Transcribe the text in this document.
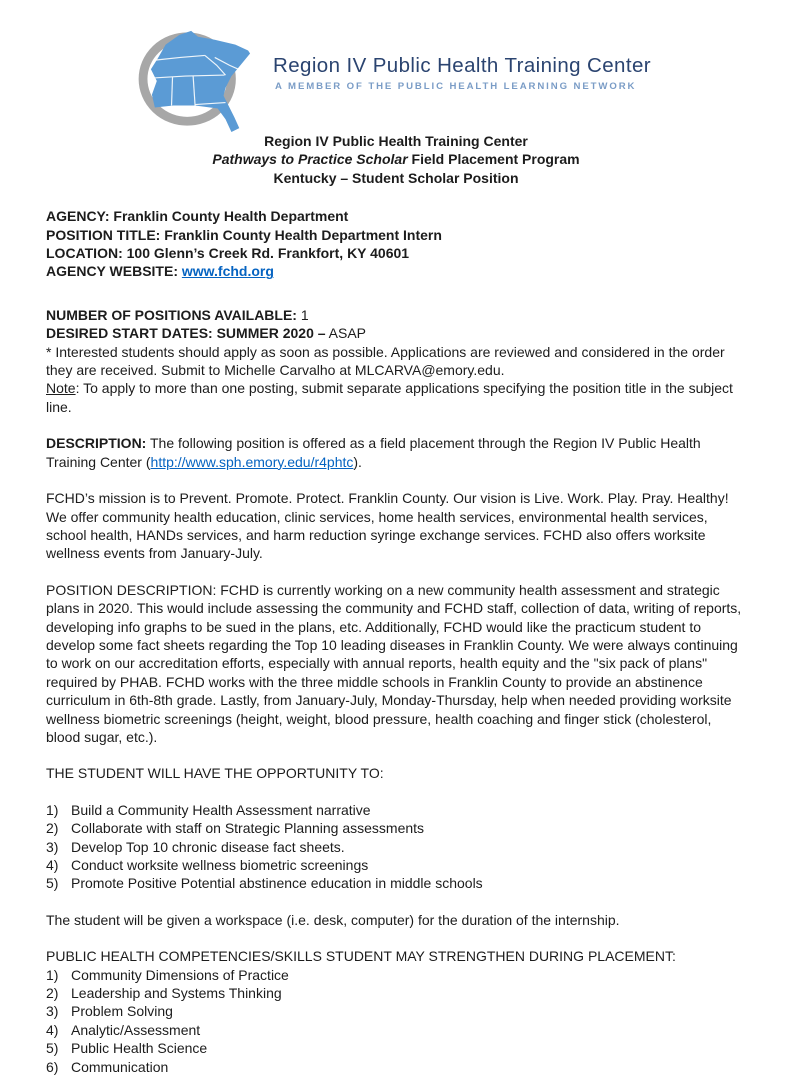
Region IV Public Health Training Center
A MEMBER OF THE PUBLIC HEALTH LEARNING NETWORK
Region IV Public Health Training Center
Pathways to Practice Scholar Field Placement Program
Kentucky – Student Scholar Position
AGENCY: Franklin County Health Department
POSITION TITLE: Franklin County Health Department Intern
LOCATION: 100 Glenn’s Creek Rd. Frankfort, KY 40601
AGENCY WEBSITE: www.fchd.org
NUMBER OF POSITIONS AVAILABLE: 1
DESIRED START DATES: SUMMER 2020 – ASAP
* Interested students should apply as soon as possible. Applications are reviewed and considered in the order they are received. Submit to Michelle Carvalho at MLCARVA@emory.edu.
Note: To apply to more than one posting, submit separate applications specifying the position title in the subject line.
DESCRIPTION: The following position is offered as a field placement through the Region IV Public Health Training Center (http://www.sph.emory.edu/r4phtc).
FCHD’s mission is to Prevent. Promote. Protect. Franklin County. Our vision is Live. Work. Play. Pray. Healthy! We offer community health education, clinic services, home health services, environmental health services, school health, HANDs services, and harm reduction syringe exchange services. FCHD also offers worksite wellness events from January-July.
POSITION DESCRIPTION: FCHD is currently working on a new community health assessment and strategic plans in 2020. This would include assessing the community and FCHD staff, collection of data, writing of reports, developing info graphs to be sued in the plans, etc. Additionally, FCHD would like the practicum student to develop some fact sheets regarding the Top 10 leading diseases in Franklin County. We were always continuing to work on our accreditation efforts, especially with annual reports, health equity and the "six pack of plans" required by PHAB. FCHD works with the three middle schools in Franklin County to provide an abstinence curriculum in 6th-8th grade. Lastly, from January-July, Monday-Thursday, help when needed providing worksite wellness biometric screenings (height, weight, blood pressure, health coaching and finger stick (cholesterol, blood sugar, etc.).
THE STUDENT WILL HAVE THE OPPORTUNITY TO:
1) Build a Community Health Assessment narrative
2) Collaborate with staff on Strategic Planning assessments
3) Develop Top 10 chronic disease fact sheets.
4) Conduct worksite wellness biometric screenings
5) Promote Positive Potential abstinence education in middle schools
The student will be given a workspace (i.e. desk, computer) for the duration of the internship.
PUBLIC HEALTH COMPETENCIES/SKILLS STUDENT MAY STRENGTHEN DURING PLACEMENT:
1) Community Dimensions of Practice
2) Leadership and Systems Thinking
3) Problem Solving
4) Analytic/Assessment
5) Public Health Science
6) Communication
